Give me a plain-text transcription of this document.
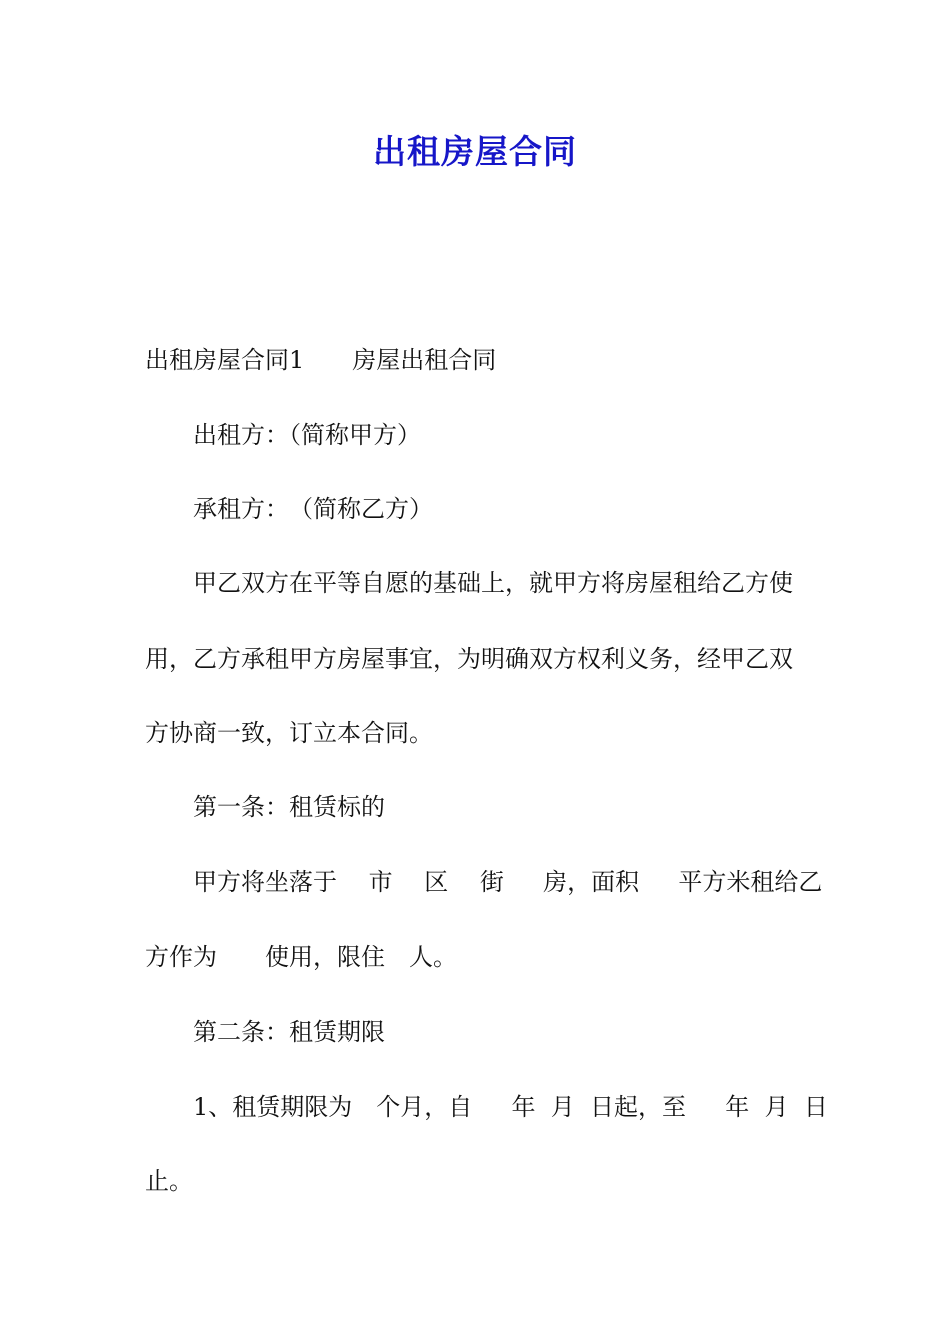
出租房屋合同
出租房屋合同1　　房屋出租合同
出租方：（简称甲方）
承租方：　（简称乙方）
甲乙双方在平等自愿的基础上，就甲方将房屋租给乙方使
用，乙方承租甲方房屋事宜，为明确双方权利义务，经甲乙双
方协商一致，订立本合同。
第一条：租赁标的
甲方将坐落于　 市　 区　 街　  房，面积　  平方米租给乙
方作为　　使用，限住　人。
第二条：租赁期限
1、租赁期限为　个月，自　  年  月  日起，至　  年  月  日
止。
